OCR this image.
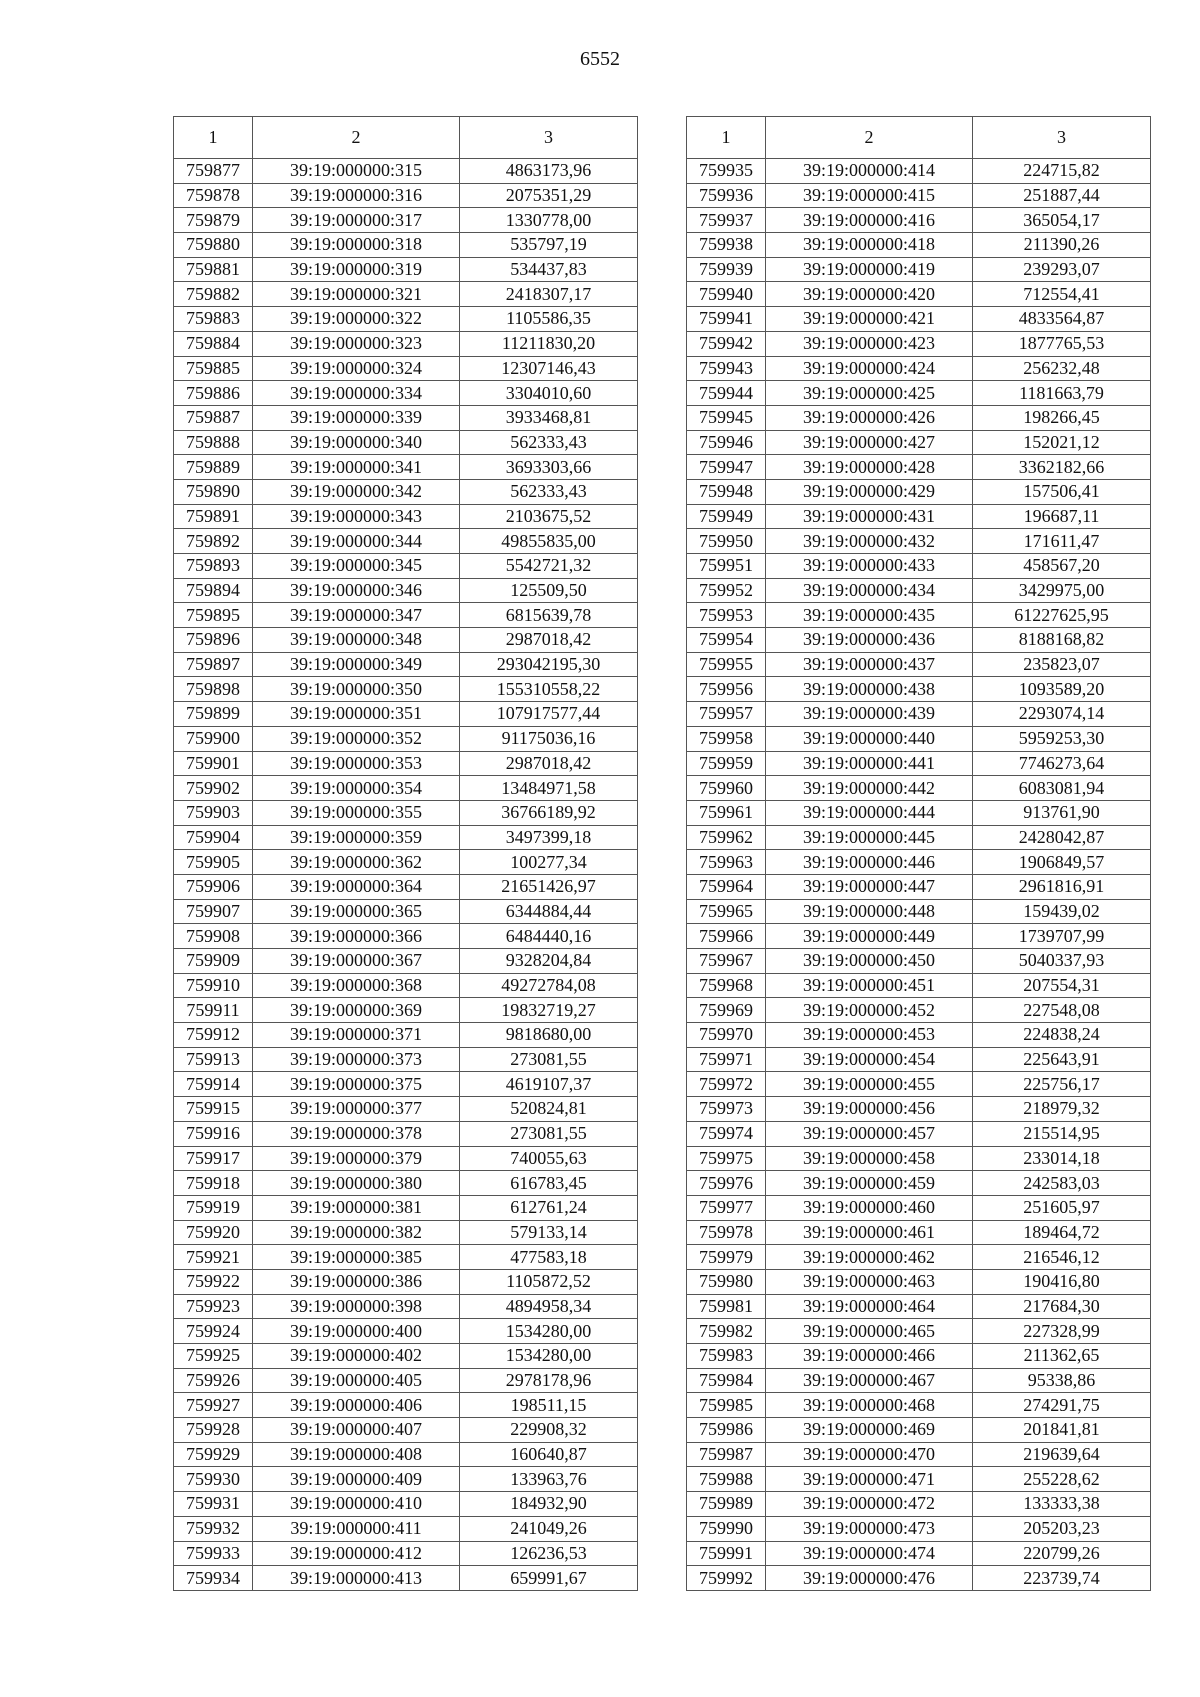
6552
1	2	3
759877	39:19:000000:315	4863173,96
759878	39:19:000000:316	2075351,29
759879	39:19:000000:317	1330778,00
759880	39:19:000000:318	535797,19
759881	39:19:000000:319	534437,83
759882	39:19:000000:321	2418307,17
759883	39:19:000000:322	1105586,35
759884	39:19:000000:323	11211830,20
759885	39:19:000000:324	12307146,43
759886	39:19:000000:334	3304010,60
759887	39:19:000000:339	3933468,81
759888	39:19:000000:340	562333,43
759889	39:19:000000:341	3693303,66
759890	39:19:000000:342	562333,43
759891	39:19:000000:343	2103675,52
759892	39:19:000000:344	49855835,00
759893	39:19:000000:345	5542721,32
759894	39:19:000000:346	125509,50
759895	39:19:000000:347	6815639,78
759896	39:19:000000:348	2987018,42
759897	39:19:000000:349	293042195,30
759898	39:19:000000:350	155310558,22
759899	39:19:000000:351	107917577,44
759900	39:19:000000:352	91175036,16
759901	39:19:000000:353	2987018,42
759902	39:19:000000:354	13484971,58
759903	39:19:000000:355	36766189,92
759904	39:19:000000:359	3497399,18
759905	39:19:000000:362	100277,34
759906	39:19:000000:364	21651426,97
759907	39:19:000000:365	6344884,44
759908	39:19:000000:366	6484440,16
759909	39:19:000000:367	9328204,84
759910	39:19:000000:368	49272784,08
759911	39:19:000000:369	19832719,27
759912	39:19:000000:371	9818680,00
759913	39:19:000000:373	273081,55
759914	39:19:000000:375	4619107,37
759915	39:19:000000:377	520824,81
759916	39:19:000000:378	273081,55
759917	39:19:000000:379	740055,63
759918	39:19:000000:380	616783,45
759919	39:19:000000:381	612761,24
759920	39:19:000000:382	579133,14
759921	39:19:000000:385	477583,18
759922	39:19:000000:386	1105872,52
759923	39:19:000000:398	4894958,34
759924	39:19:000000:400	1534280,00
759925	39:19:000000:402	1534280,00
759926	39:19:000000:405	2978178,96
759927	39:19:000000:406	198511,15
759928	39:19:000000:407	229908,32
759929	39:19:000000:408	160640,87
759930	39:19:000000:409	133963,76
759931	39:19:000000:410	184932,90
759932	39:19:000000:411	241049,26
759933	39:19:000000:412	126236,53
759934	39:19:000000:413	659991,67
1	2	3
759935	39:19:000000:414	224715,82
759936	39:19:000000:415	251887,44
759937	39:19:000000:416	365054,17
759938	39:19:000000:418	211390,26
759939	39:19:000000:419	239293,07
759940	39:19:000000:420	712554,41
759941	39:19:000000:421	4833564,87
759942	39:19:000000:423	1877765,53
759943	39:19:000000:424	256232,48
759944	39:19:000000:425	1181663,79
759945	39:19:000000:426	198266,45
759946	39:19:000000:427	152021,12
759947	39:19:000000:428	3362182,66
759948	39:19:000000:429	157506,41
759949	39:19:000000:431	196687,11
759950	39:19:000000:432	171611,47
759951	39:19:000000:433	458567,20
759952	39:19:000000:434	3429975,00
759953	39:19:000000:435	61227625,95
759954	39:19:000000:436	8188168,82
759955	39:19:000000:437	235823,07
759956	39:19:000000:438	1093589,20
759957	39:19:000000:439	2293074,14
759958	39:19:000000:440	5959253,30
759959	39:19:000000:441	7746273,64
759960	39:19:000000:442	6083081,94
759961	39:19:000000:444	913761,90
759962	39:19:000000:445	2428042,87
759963	39:19:000000:446	1906849,57
759964	39:19:000000:447	2961816,91
759965	39:19:000000:448	159439,02
759966	39:19:000000:449	1739707,99
759967	39:19:000000:450	5040337,93
759968	39:19:000000:451	207554,31
759969	39:19:000000:452	227548,08
759970	39:19:000000:453	224838,24
759971	39:19:000000:454	225643,91
759972	39:19:000000:455	225756,17
759973	39:19:000000:456	218979,32
759974	39:19:000000:457	215514,95
759975	39:19:000000:458	233014,18
759976	39:19:000000:459	242583,03
759977	39:19:000000:460	251605,97
759978	39:19:000000:461	189464,72
759979	39:19:000000:462	216546,12
759980	39:19:000000:463	190416,80
759981	39:19:000000:464	217684,30
759982	39:19:000000:465	227328,99
759983	39:19:000000:466	211362,65
759984	39:19:000000:467	95338,86
759985	39:19:000000:468	274291,75
759986	39:19:000000:469	201841,81
759987	39:19:000000:470	219639,64
759988	39:19:000000:471	255228,62
759989	39:19:000000:472	133333,38
759990	39:19:000000:473	205203,23
759991	39:19:000000:474	220799,26
759992	39:19:000000:476	223739,74
